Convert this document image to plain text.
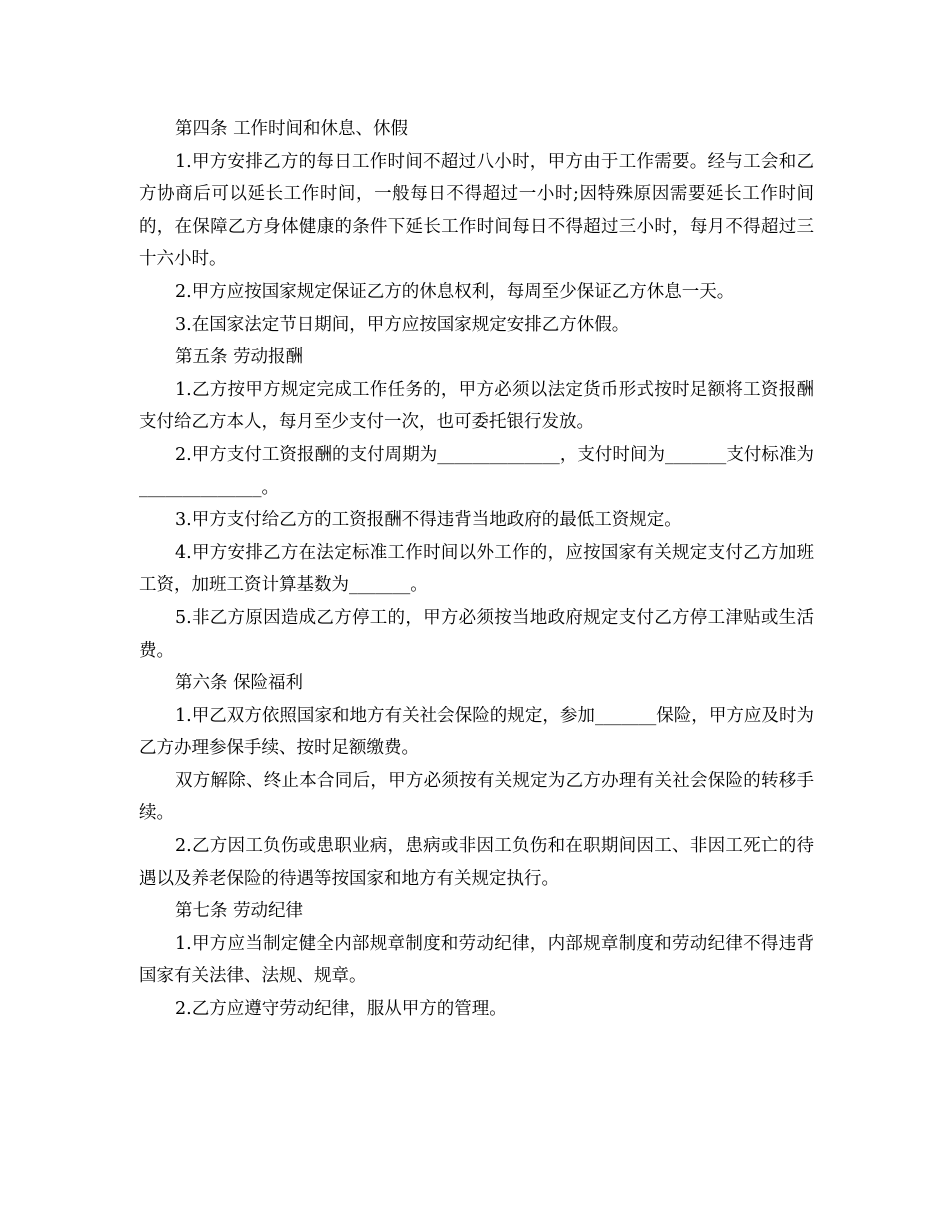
第四条 工作时间和休息、休假

1.甲方安排乙方的每日工作时间不超过八小时，甲方由于工作需要。经与工会和乙方协商后可以延长工作时间，一般每日不得超过一小时;因特殊原因需要延长工作时间的，在保障乙方身体健康的条件下延长工作时间每日不得超过三小时，每月不得超过三十六小时。

2.甲方应按国家规定保证乙方的休息权利，每周至少保证乙方休息一天。

3.在国家法定节日期间，甲方应按国家规定安排乙方休假。

第五条 劳动报酬

1.乙方按甲方规定完成工作任务的，甲方必须以法定货币形式按时足额将工资报酬支付给乙方本人，每月至少支付一次，也可委托银行发放。

2.甲方支付工资报酬的支付周期为______________，支付时间为_______支付标准为______________。

3.甲方支付给乙方的工资报酬不得违背当地政府的最低工资规定。

4.甲方安排乙方在法定标准工作时间以外工作的，应按国家有关规定支付乙方加班工资，加班工资计算基数为_______。

5.非乙方原因造成乙方停工的，甲方必须按当地政府规定支付乙方停工津贴或生活费。

第六条 保险福利

1.甲乙双方依照国家和地方有关社会保险的规定，参加_______保险，甲方应及时为乙方办理参保手续、按时足额缴费。

双方解除、终止本合同后，甲方必须按有关规定为乙方办理有关社会保险的转移手续。

2.乙方因工负伤或患职业病，患病或非因工负伤和在职期间因工、非因工死亡的待遇以及养老保险的待遇等按国家和地方有关规定执行。

第七条 劳动纪律

1.甲方应当制定健全内部规章制度和劳动纪律，内部规章制度和劳动纪律不得违背国家有关法律、法规、规章。

2.乙方应遵守劳动纪律，服从甲方的管理。
